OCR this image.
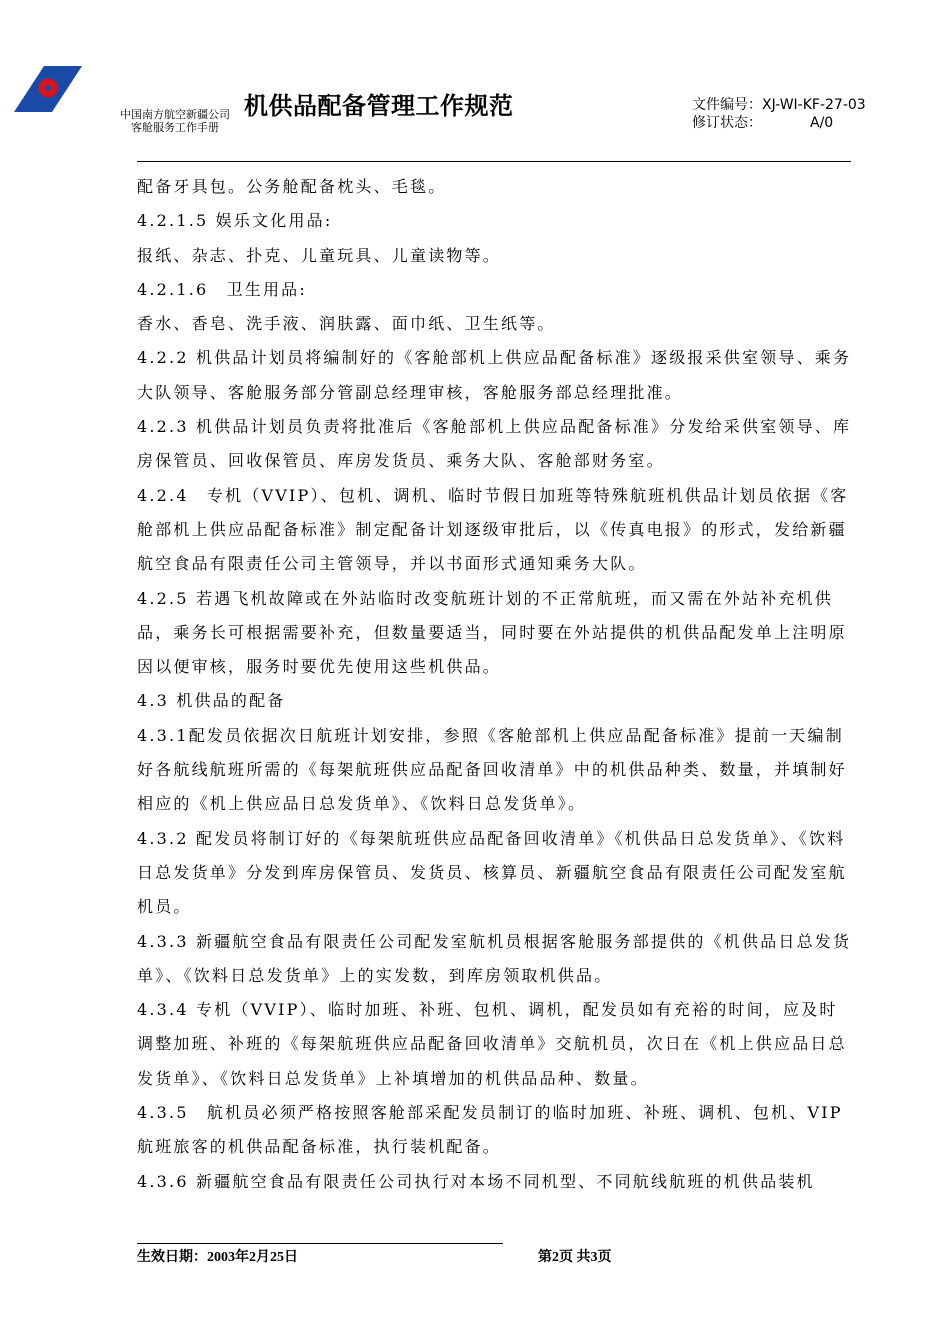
中国南方航空新疆公司
客舱服务工作手册
机供品配备管理工作规范	文件编号：XJ-WI-KF-27-03
修订状态：	A/0

配备牙具包。公务舱配备枕头、毛毯。

4.2.1.5 娱乐文化用品:

报纸、杂志、扑克、儿童玩具、儿童读物等。

4.2.1.6　卫生用品:

香水、香皂、洗手液、润肤露、面巾纸、卫生纸等。

4.2.2 机供品计划员将编制好的《客舱部机上供应品配备标准》逐级报采供室领导、乘务大队领导、客舱服务部分管副总经理审核，客舱服务部总经理批准。

4.2.3 机供品计划员负责将批准后《客舱部机上供应品配备标准》分发给采供室领导、库房保管员、回收保管员、库房发货员、乘务大队、客舱部财务室。

4.2.4　专机（VVIP）、包机、调机、临时节假日加班等特殊航班机供品计划员依据《客舱部机上供应品配备标准》制定配备计划逐级审批后，以《传真电报》的形式，发给新疆航空食品有限责任公司主管领导，并以书面形式通知乘务大队。

4.2.5 若遇飞机故障或在外站临时改变航班计划的不正常航班，而又需在外站补充机供品，乘务长可根据需要补充，但数量要适当，同时要在外站提供的机供品配发单上注明原因以便审核，服务时要优先使用这些机供品。

4.3 机供品的配备

4.3.1配发员依据次日航班计划安排，参照《客舱部机上供应品配备标准》提前一天编制好各航线航班所需的《每架航班供应品配备回收清单》中的机供品种类、数量，并填制好相应的《机上供应品日总发货单》、《饮料日总发货单》。

4.3.2 配发员将制订好的《每架航班供应品配备回收清单》《机供品日总发货单》、《饮料日总发货单》分发到库房保管员、发货员、核算员、新疆航空食品有限责任公司配发室航机员。

4.3.3 新疆航空食品有限责任公司配发室航机员根据客舱服务部提供的《机供品日总发货单》、《饮料日总发货单》上的实发数，到库房领取机供品。

4.3.4 专机（VVIP）、临时加班、补班、包机、调机，配发员如有充裕的时间，应及时调整加班、补班的《每架航班供应品配备回收清单》交航机员，次日在《机上供应品日总发货单》、《饮料日总发货单》上补填增加的机供品品种、数量。

4.3.5　航机员必须严格按照客舱部采配发员制订的临时加班、补班、调机、包机、VIP航班旅客的机供品配备标准，执行装机配备。

4.3.6 新疆航空食品有限责任公司执行对本场不同机型、不同航线航班的机供品装机

生效日期：2003年2月25日	第2页 共3页
